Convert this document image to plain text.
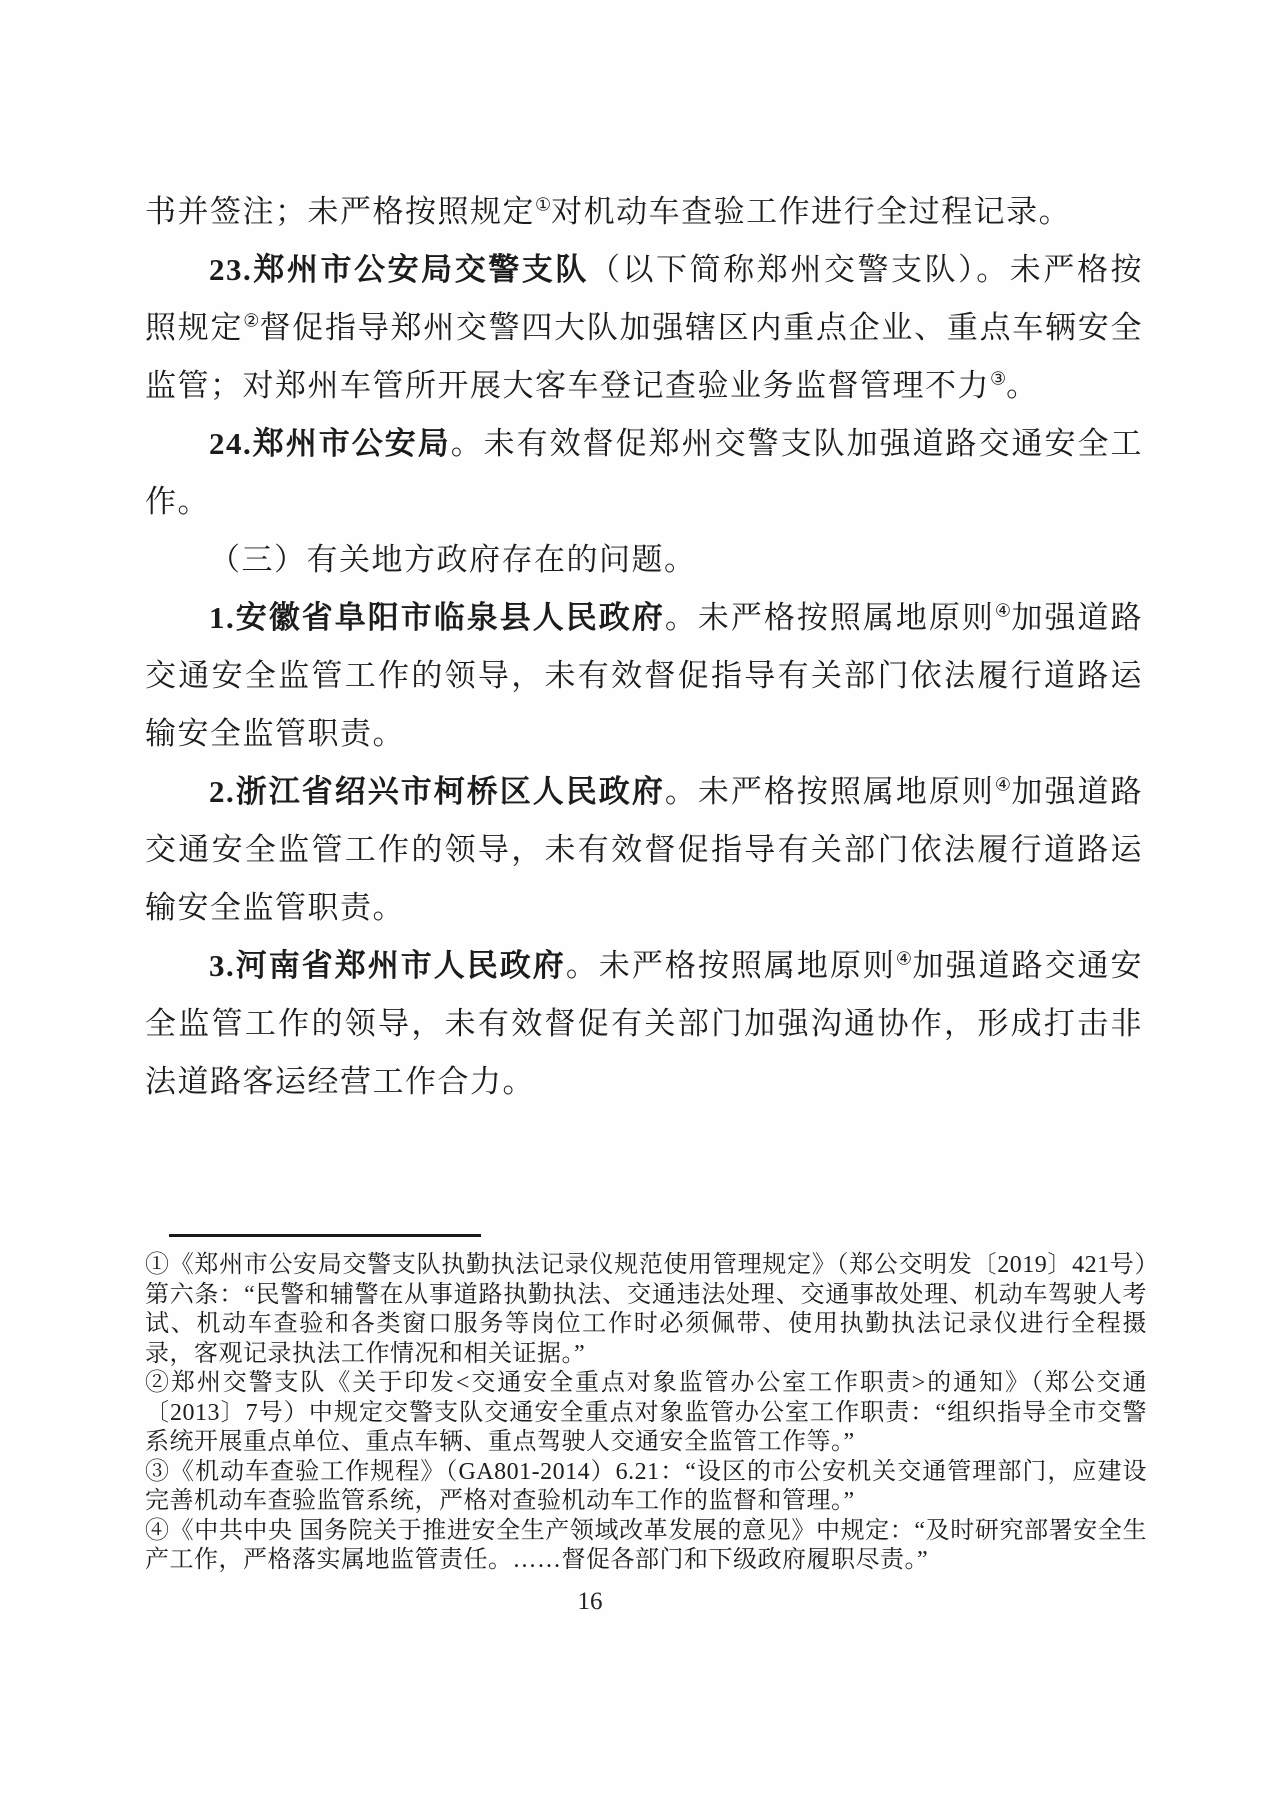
书并签注；未严格按照规定①对机动车查验工作进行全过程记录。

23.郑州市公安局交警支队（以下简称郑州交警支队）。未严格按照规定②督促指导郑州交警四大队加强辖区内重点企业、重点车辆安全监管；对郑州车管所开展大客车登记查验业务监督管理不力③。

24.郑州市公安局。未有效督促郑州交警支队加强道路交通安全工作。

（三）有关地方政府存在的问题。

1.安徽省阜阳市临泉县人民政府。未严格按照属地原则④加强道路交通安全监管工作的领导，未有效督促指导有关部门依法履行道路运输安全监管职责。

2.浙江省绍兴市柯桥区人民政府。未严格按照属地原则④加强道路交通安全监管工作的领导，未有效督促指导有关部门依法履行道路运输安全监管职责。

3.河南省郑州市人民政府。未严格按照属地原则④加强道路交通安全监管工作的领导，未有效督促有关部门加强沟通协作，形成打击非法道路客运经营工作合力。

①《郑州市公安局交警支队执勤执法记录仪规范使用管理规定》（郑公交明发〔2019〕421号）第六条：“民警和辅警在从事道路执勤执法、交通违法处理、交通事故处理、机动车驾驶人考试、机动车查验和各类窗口服务等岗位工作时必须佩带、使用执勤执法记录仪进行全程摄录，客观记录执法工作情况和相关证据。”

②郑州交警支队《关于印发<交通安全重点对象监管办公室工作职责>的通知》（郑公交通〔2013〕7号）中规定交警支队交通安全重点对象监管办公室工作职责：“组织指导全市交警系统开展重点单位、重点车辆、重点驾驶人交通安全监管工作等。”

③《机动车查验工作规程》（GA801-2014）6.21：“设区的市公安机关交通管理部门，应建设完善机动车查验监管系统，严格对查验机动车工作的监督和管理。”

④《中共中央 国务院关于推进安全生产领域改革发展的意见》中规定：“及时研究部署安全生产工作，严格落实属地监管责任。……督促各部门和下级政府履职尽责。”

16
